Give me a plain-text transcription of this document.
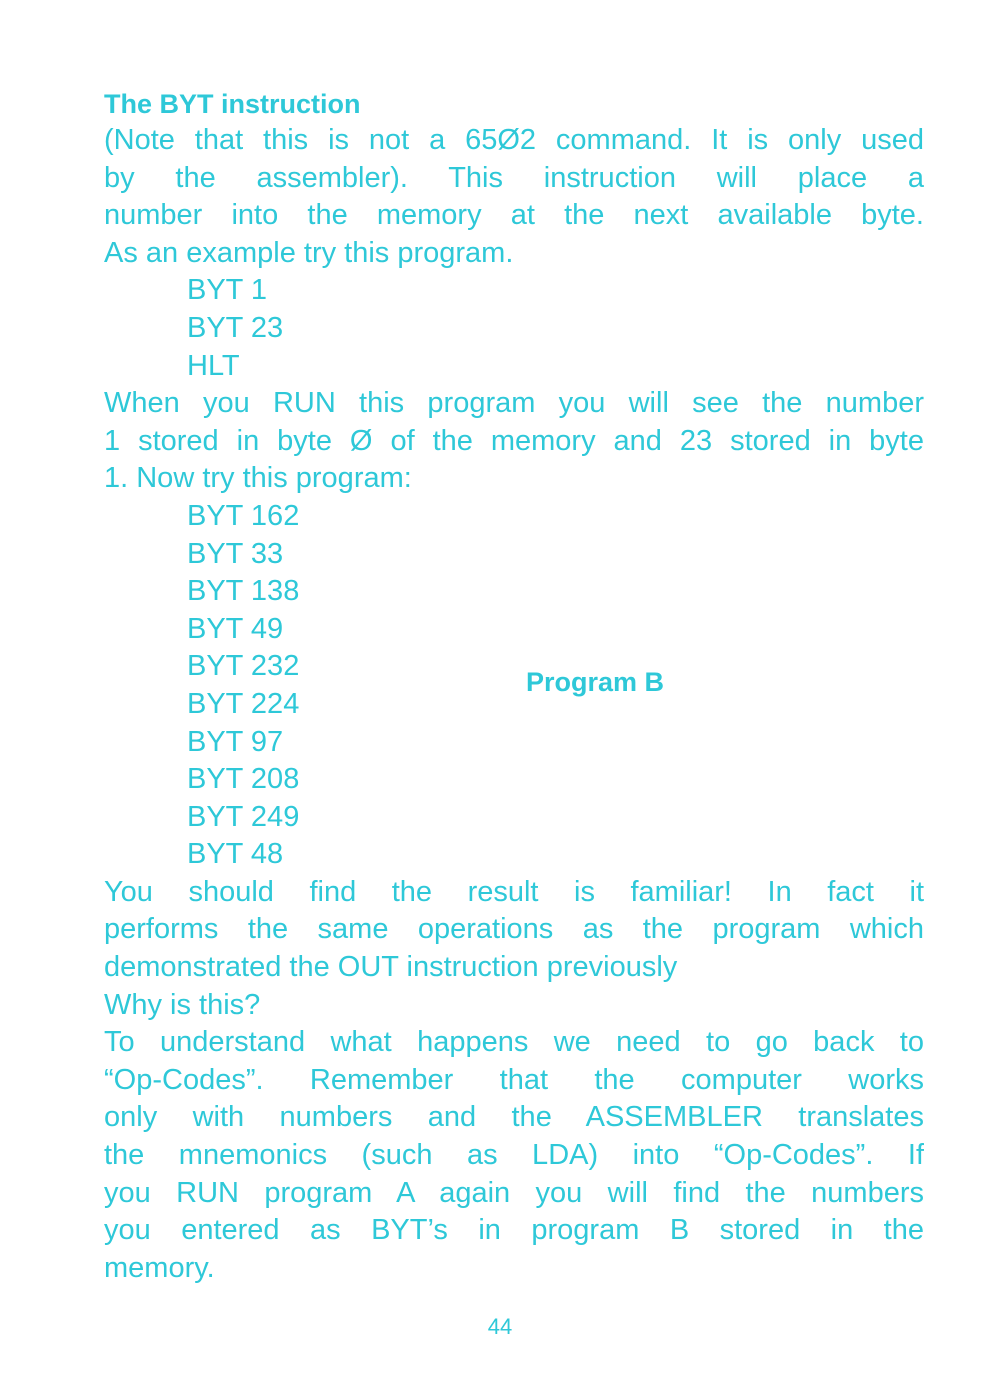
The BYT instruction
(Note that this is not a 65Ø2 command. It is only used
by the assembler). This instruction will place a
number into the memory at the next available byte.
As an example try this program.
BYT 1
BYT 23
HLT
When you RUN this program you will see the number
1 stored in byte Ø of the memory and 23 stored in byte
1. Now try this program:
BYT 162
BYT 33
BYT 138
BYT 49
BYT 232
BYT 224
BYT 97
BYT 208
BYT 249
BYT 48
You should find the result is familiar! In fact it
performs the same operations as the program which
demonstrated the OUT instruction previously
Why is this?
To understand what happens we need to go back to
“Op-Codes”. Remember that the computer works
only with numbers and the ASSEMBLER translates
the mnemonics (such as LDA) into “Op-Codes”. If
you RUN program A again you will find the numbers
you entered as BYT’s in program B stored in the
memory.
Program B
44
